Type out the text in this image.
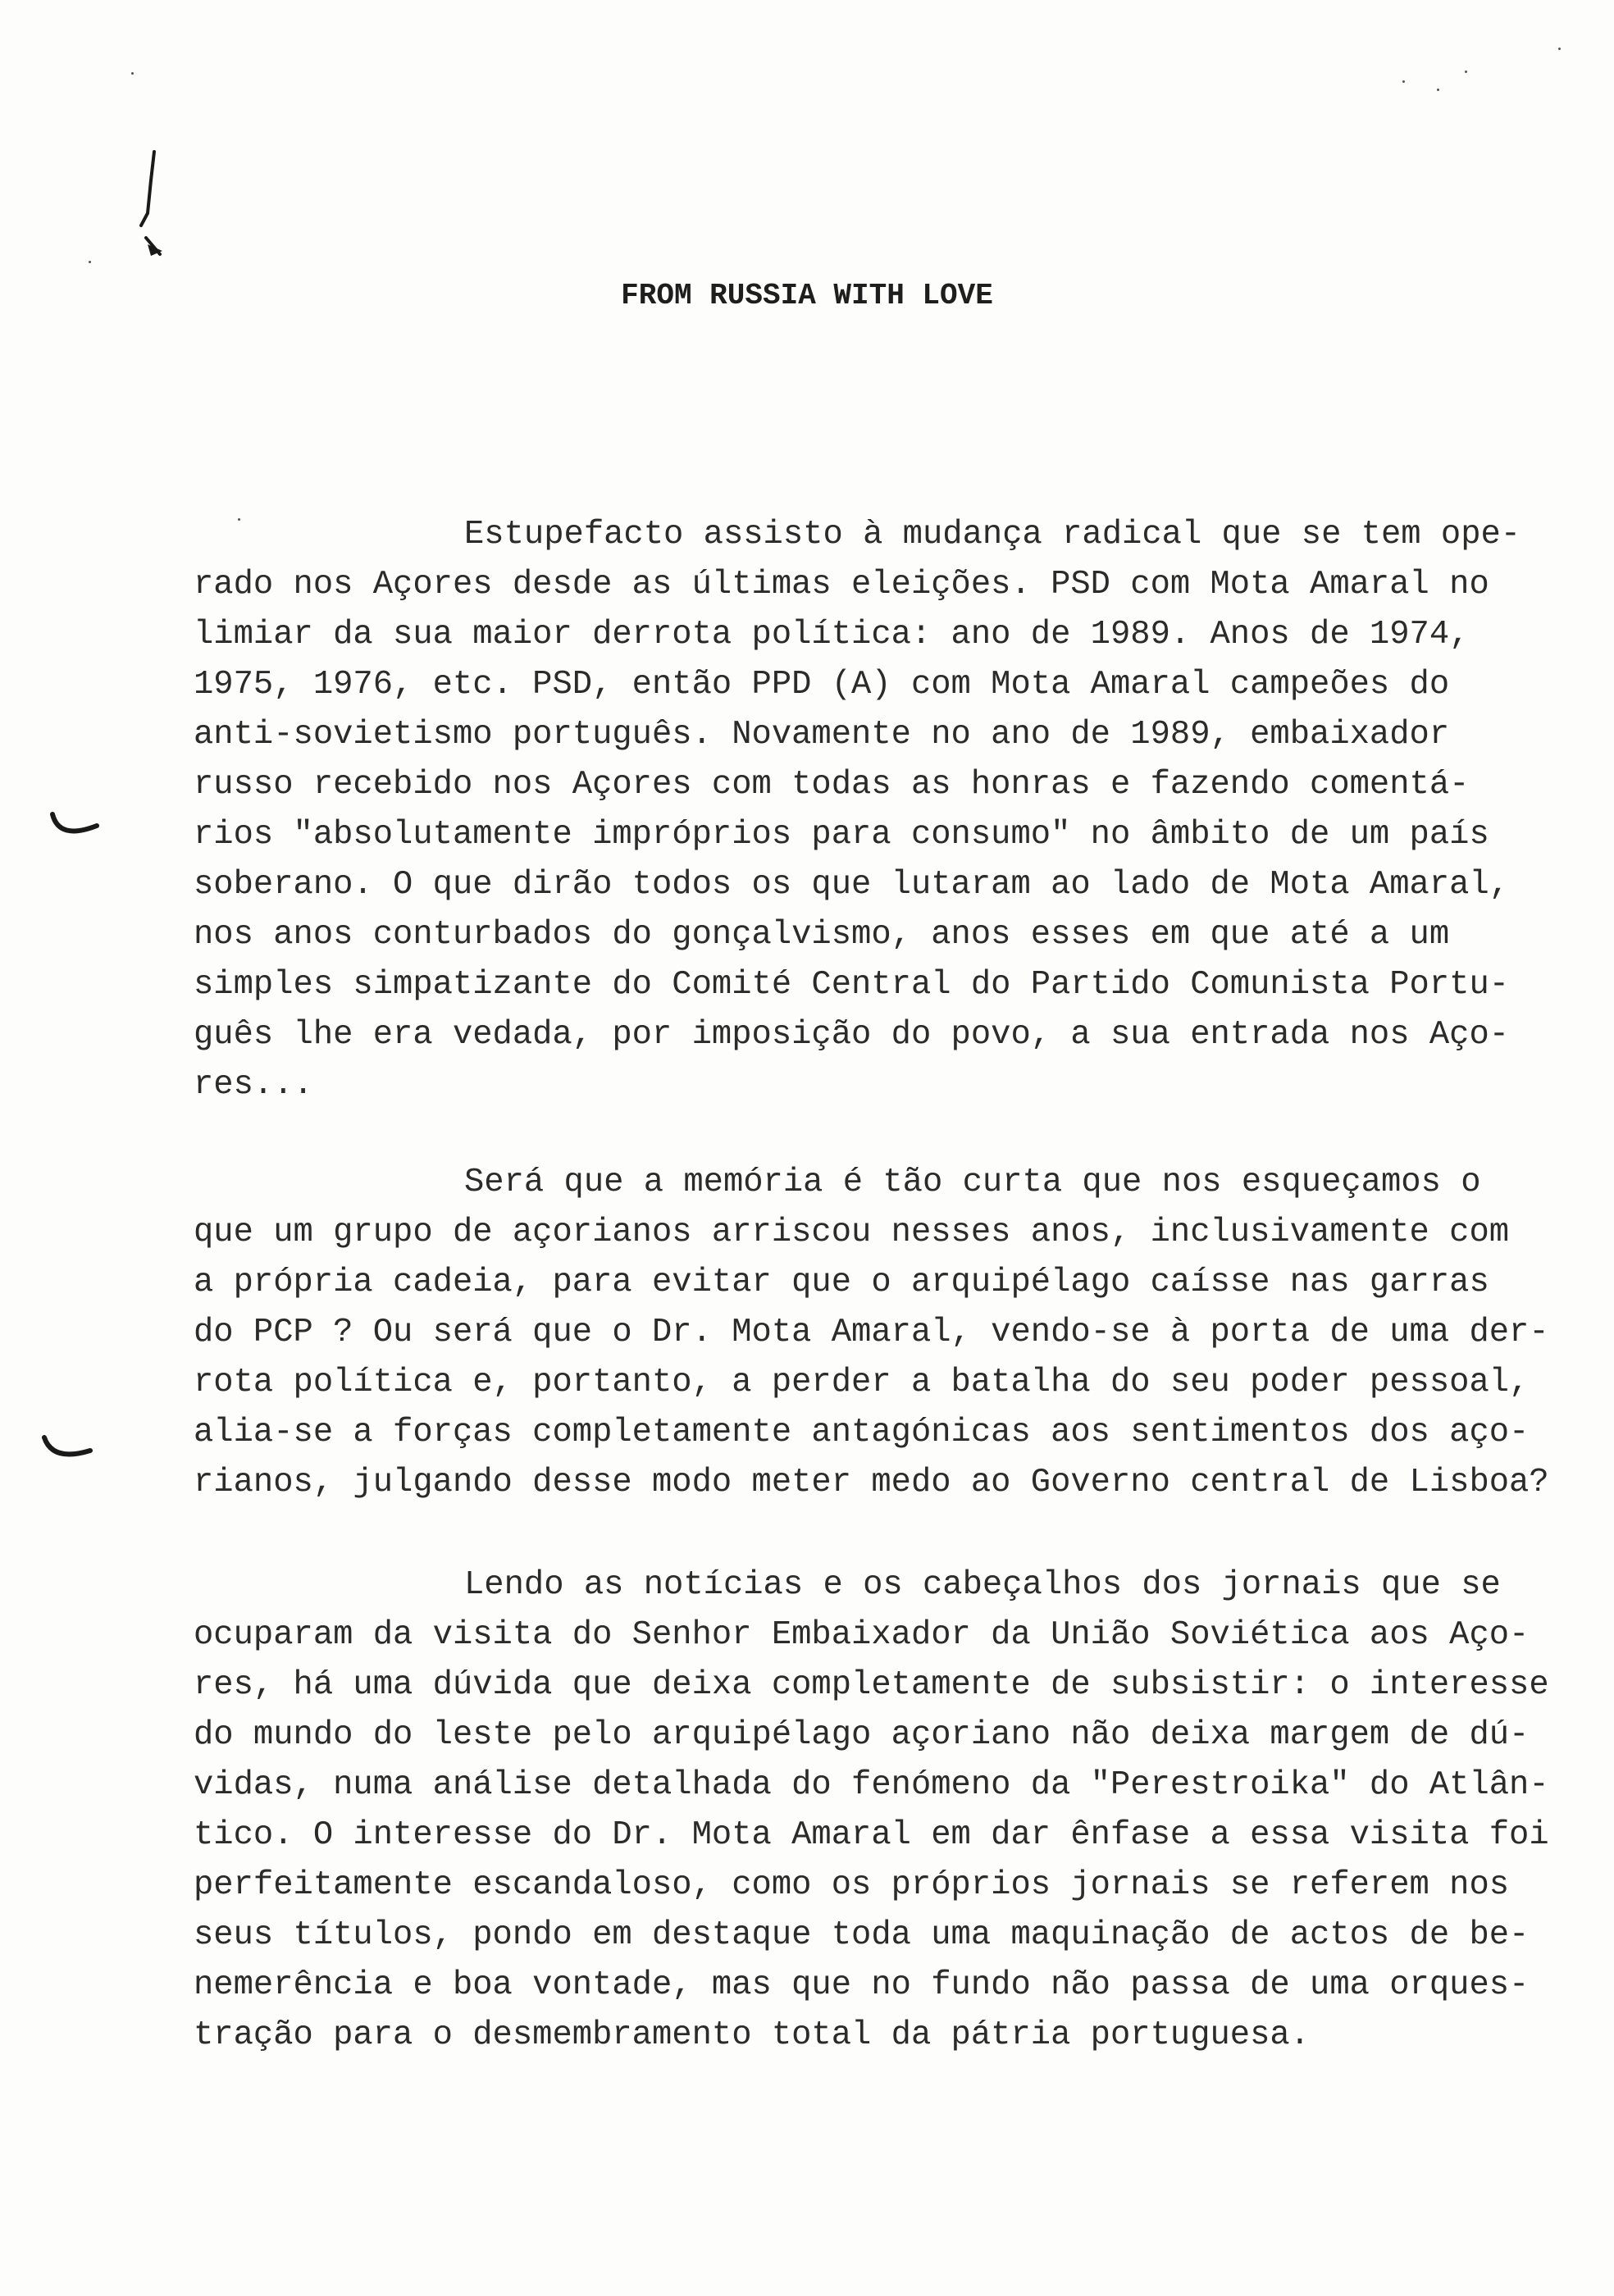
FROM RUSSIA WITH LOVE
Estupefacto assisto à mudança radical que se tem ope-
rado nos Açores desde as últimas eleições. PSD com Mota Amaral no
limiar da sua maior derrota política: ano de 1989. Anos de 1974,
1975, 1976, etc. PSD, então PPD (A) com Mota Amaral campeões do
anti-sovietismo português. Novamente no ano de 1989, embaixador
russo recebido nos Açores com todas as honras e fazendo comentá-
rios "absolutamente impróprios para consumo" no âmbito de um país
soberano. O que dirão todos os que lutaram ao lado de Mota Amaral,
nos anos conturbados do gonçalvismo, anos esses em que até a um
simples simpatizante do Comité Central do Partido Comunista Portu-
guês lhe era vedada, por imposição do povo, a sua entrada nos Aço-
res...
Será que a memória é tão curta que nos esqueçamos o
que um grupo de açorianos arriscou nesses anos, inclusivamente com
a própria cadeia, para evitar que o arquipélago caísse nas garras
do PCP ? Ou será que o Dr. Mota Amaral, vendo-se à porta de uma der-
rota política e, portanto, a perder a batalha do seu poder pessoal,
alia-se a forças completamente antagónicas aos sentimentos dos aço-
rianos, julgando desse modo meter medo ao Governo central de Lisboa?
Lendo as notícias e os cabeçalhos dos jornais que se
ocuparam da visita do Senhor Embaixador da União Soviética aos Aço-
res, há uma dúvida que deixa completamente de subsistir: o interesse
do mundo do leste pelo arquipélago açoriano não deixa margem de dú-
vidas, numa análise detalhada do fenómeno da "Perestroika" do Atlân-
tico. O interesse do Dr. Mota Amaral em dar ênfase a essa visita foi
perfeitamente escandaloso, como os próprios jornais se referem nos
seus títulos, pondo em destaque toda uma maquinação de actos de be-
nemerência e boa vontade, mas que no fundo não passa de uma orques-
tração para o desmembramento total da pátria portuguesa.
